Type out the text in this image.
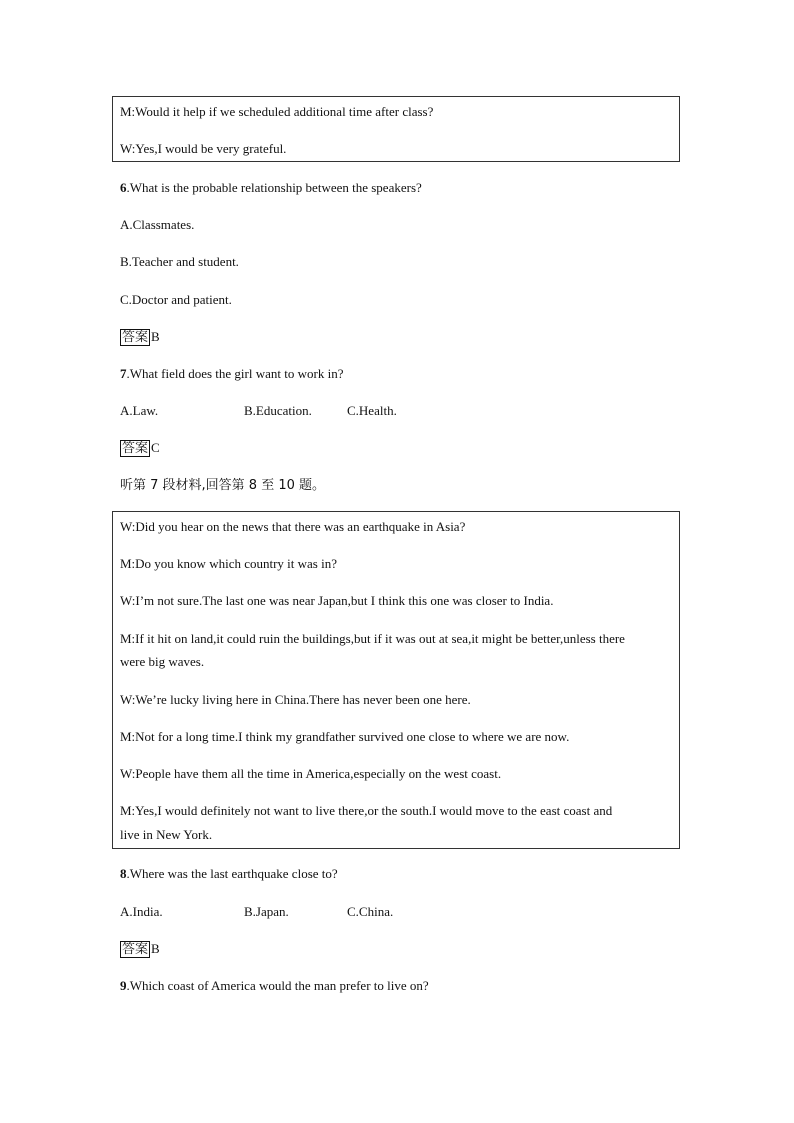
M:Would it help if we scheduled additional time after class?
W:Yes,I would be very grateful.
6.What is the probable relationship between the speakers?
A.Classmates.
B.Teacher and student.
C.Doctor and patient.
答案 B
7.What field does the girl want to work in?
A.Law.	B.Education.	C.Health.
答案 C
听第 7 段材料,回答第 8 至 10 题。
W:Did you hear on the news that there was an earthquake in Asia?
M:Do you know which country it was in?
W:I’m not sure.The last one was near Japan,but I think this one was closer to India.
M:If it hit on land,it could ruin the buildings,but if it was out at sea,it might be better,unless there
were big waves.
W:We’re lucky living here in China.There has never been one here.
M:Not for a long time.I think my grandfather survived one close to where we are now.
W:People have them all the time in America,especially on the west coast.
M:Yes,I would definitely not want to live there,or the south.I would move to the east coast and
live in New York.
8.Where was the last earthquake close to?
A.India.	B.Japan.	C.China.
答案 B
9.Which coast of America would the man prefer to live on?
